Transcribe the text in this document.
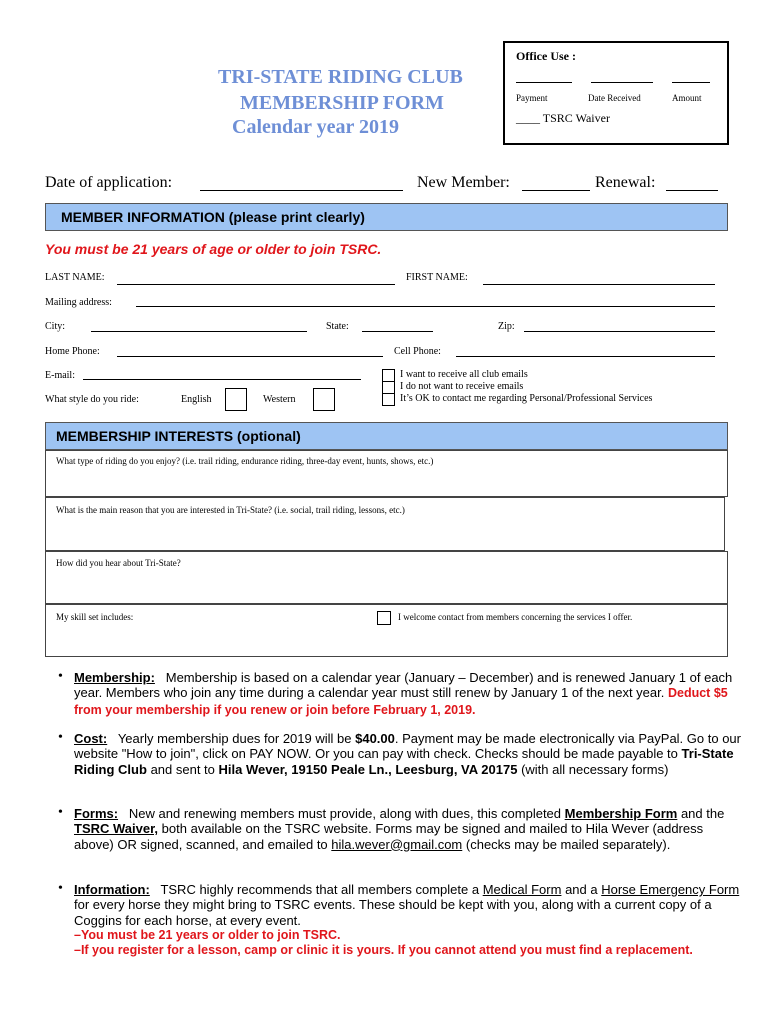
Office Use :
Payment	Date Received	Amount
____ TSRC Waiver
TRI-STATE RIDING CLUB
MEMBERSHIP FORM
Calendar year 2019
Date of application:	New Member:	Renewal:
MEMBER INFORMATION (please print clearly)
You must be 21 years of age or older to join TSRC.
LAST NAME:	FIRST NAME:
Mailing address:
City:	State:	Zip:
Home Phone:	Cell Phone:
E-mail:
What style do you ride:	English	Western
I want to receive all club emails
I do not want to receive emails
It’s OK to contact me regarding Personal/Professional Services
MEMBERSHIP INTERESTS (optional)
What type of riding do you enjoy? (i.e. trail riding, endurance riding, three-day event, hunts, shows, etc.)
What is the main reason that you are interested in Tri-State? (i.e. social, trail riding, lessons, etc.)
How did you hear about Tri-State?
My skill set includes:	I welcome contact from members concerning the services I offer.
• Membership: Membership is based on a calendar year (January – December) and is renewed January 1 of each year. Members who join any time during a calendar year must still renew by January 1 of the next year. Deduct $5 from your membership if you renew or join before February 1, 2019.
• Cost: Yearly membership dues for 2019 will be $40.00. Payment may be made electronically via PayPal. Go to our website "How to join", click on PAY NOW. Or you can pay with check. Checks should be made payable to Tri-State Riding Club and sent to Hila Wever, 19150 Peale Ln., Leesburg, VA 20175 (with all necessary forms)
• Forms: New and renewing members must provide, along with dues, this completed Membership Form and the TSRC Waiver, both available on the TSRC website. Forms may be signed and mailed to Hila Wever (address above) OR signed, scanned, and emailed to hila.wever@gmail.com (checks may be mailed separately).
• Information: TSRC highly recommends that all members complete a Medical Form and a Horse Emergency Form for every horse they might bring to TSRC events. These should be kept with you, along with a current copy of a Coggins for each horse, at every event.
–You must be 21 years or older to join TSRC.
–If you register for a lesson, camp or clinic it is yours. If you cannot attend you must find a replacement.
